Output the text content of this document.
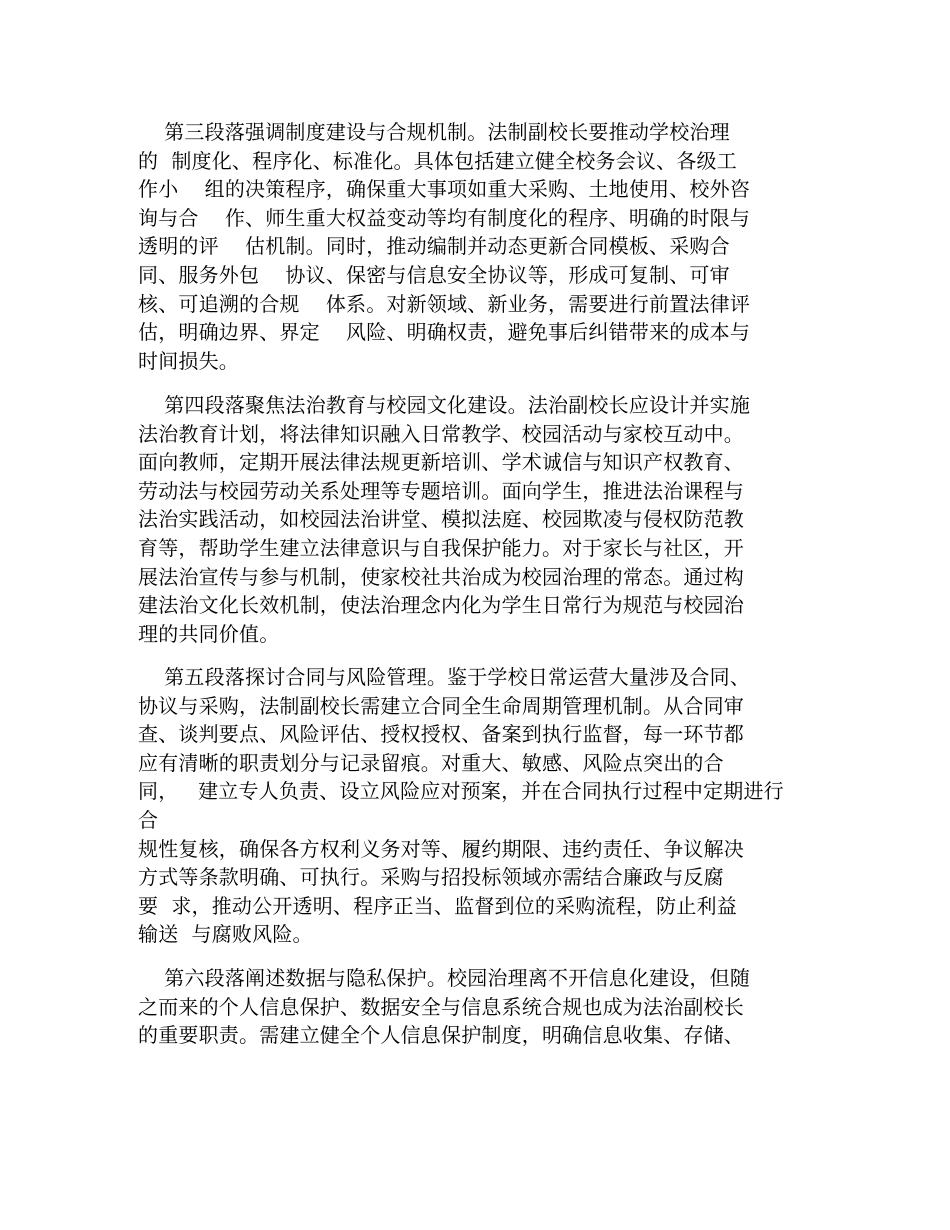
第三段落强调制度建设与合规机制。法制副校长要推动学校治理
的  制度化、程序化、标准化。具体包括建立健全校务会议、各级工
作小    组的决策程序，确保重大事项如重大采购、土地使用、校外咨
询与合    作、师生重大权益变动等均有制度化的程序、明确的时限与
透明的评    估机制。同时，推动编制并动态更新合同模板、采购合
同、服务外包    协议、保密与信息安全协议等，形成可复制、可审
核、可追溯的合规    体系。对新领域、新业务，需要进行前置法律评
估，明确边界、界定    风险、明确权责，避免事后纠错带来的成本与
时间损失。
第四段落聚焦法治教育与校园文化建设。法治副校长应设计并实施
法治教育计划，将法律知识融入日常教学、校园活动与家校互动中。
面向教师，定期开展法律法规更新培训、学术诚信与知识产权教育、
劳动法与校园劳动关系处理等专题培训。面向学生，推进法治课程与
法治实践活动，如校园法治讲堂、模拟法庭、校园欺凌与侵权防范教
育等，帮助学生建立法律意识与自我保护能力。对于家长与社区，开
展法治宣传与参与机制，使家校社共治成为校园治理的常态。通过构
建法治文化长效机制，使法治理念内化为学生日常行为规范与校园治
理的共同价值。
第五段落探讨合同与风险管理。鉴于学校日常运营大量涉及合同、
协议与采购，法制副校长需建立合同全生命周期管理机制。从合同审
查、谈判要点、风险评估、授权授权、备案到执行监督，每一环节都
应有清晰的职责划分与记录留痕。对重大、敏感、风险点突出的合
同，   建立专人负责、设立风险应对预案，并在合同执行过程中定期进行
合
规性复核，确保各方权利义务对等、履约期限、违约责任、争议解决
方式等条款明确、可执行。采购与招投标领域亦需结合廉政与反腐
要  求，推动公开透明、程序正当、监督到位的采购流程，防止利益
输送  与腐败风险。
第六段落阐述数据与隐私保护。校园治理离不开信息化建设，但随
之而来的个人信息保护、数据安全与信息系统合规也成为法治副校长
的重要职责。需建立健全个人信息保护制度，明确信息收集、存储、
